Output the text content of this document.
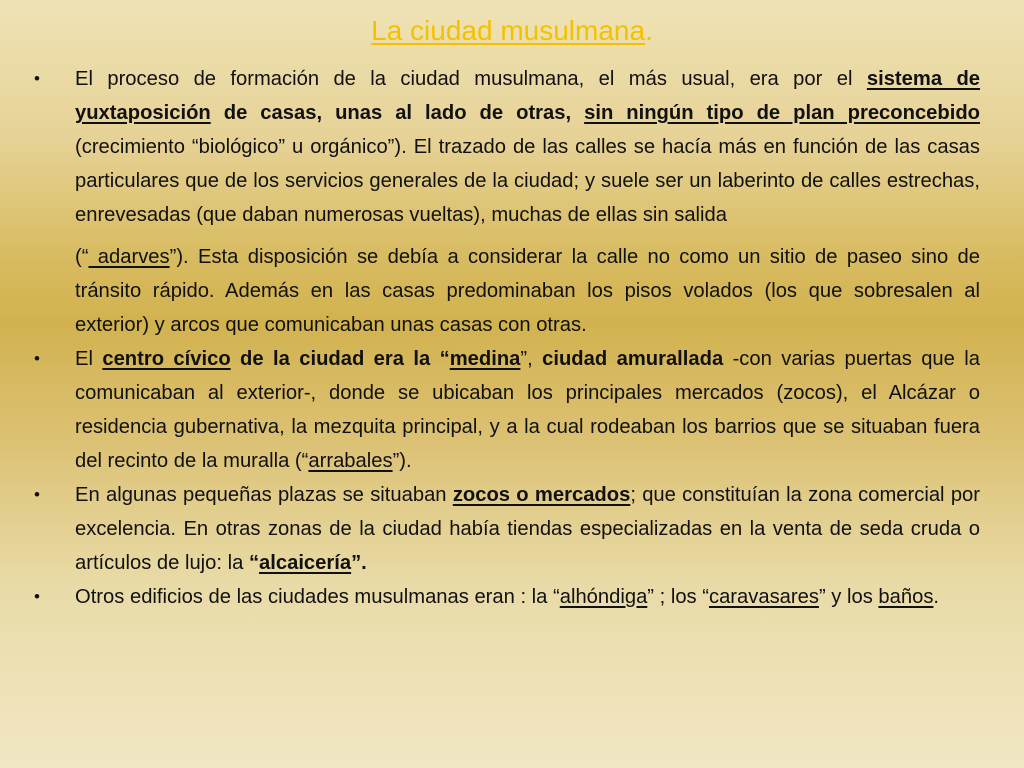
La ciudad musulmana.
• El proceso de formación de la ciudad musulmana, el más usual, era por el sistema de yuxtaposición de casas, unas al lado de otras, sin ningún tipo de plan preconcebido (crecimiento “biológico” u orgánico”). El trazado de las calles se hacía más en función de las casas particulares que de los servicios generales de la ciudad; y suele ser un laberinto de calles estrechas, enrevesadas (que daban numerosas vueltas), muchas de ellas sin salida

(“ adarves”). Esta disposición se debía a considerar la calle no como un sitio de paseo sino de tránsito rápido. Además en las casas predominaban los pisos volados (los que sobresalen al exterior) y arcos que comunicaban unas casas con otras.

• El centro cívico de la ciudad era la “medina”, ciudad amurallada -con varias puertas que la comunicaban al exterior-, donde se ubicaban los principales mercados (zocos), el Alcázar o residencia gubernativa, la mezquita principal, y a la cual rodeaban los barrios que se situaban fuera del recinto de la muralla (“arrabales”).

• En algunas pequeñas plazas se situaban zocos o mercados; que constituían la zona comercial por excelencia. En otras zonas de la ciudad había tiendas especializadas en la venta de seda cruda o artículos de lujo: la “alcaicería”.

• Otros edificios de las ciudades musulmanas eran : la “alhóndiga” ; los “caravasares” y los baños.
